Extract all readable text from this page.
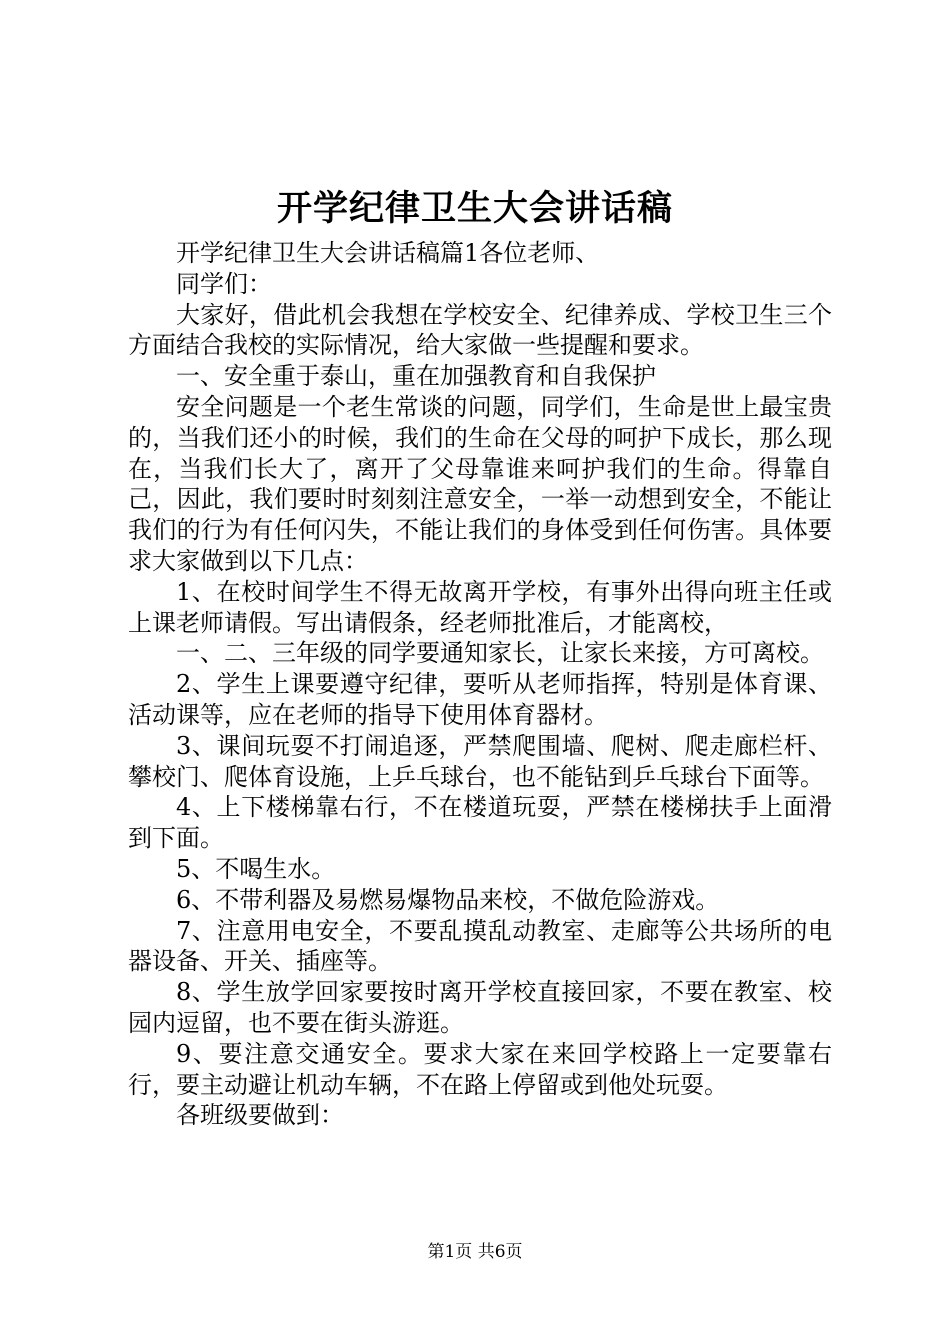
开学纪律卫生大会讲话稿

开学纪律卫生大会讲话稿篇1各位老师、

同学们：

大家好，借此机会我想在学校安全、纪律养成、学校卫生三个方面结合我校的实际情况，给大家做一些提醒和要求。

一、安全重于泰山，重在加强教育和自我保护

安全问题是一个老生常谈的问题，同学们，生命是世上最宝贵的，当我们还小的时候，我们的生命在父母的呵护下成长，那么现在，当我们长大了，离开了父母靠谁来呵护我们的生命。得靠自己，因此，我们要时时刻刻注意安全，一举一动想到安全，不能让我们的行为有任何闪失，不能让我们的身体受到任何伤害。具体要求大家做到以下几点：

1、在校时间学生不得无故离开学校，有事外出得向班主任或上课老师请假。写出请假条，经老师批准后，才能离校，

一、二、三年级的同学要通知家长，让家长来接，方可离校。

2、学生上课要遵守纪律，要听从老师指挥，特别是体育课、活动课等，应在老师的指导下使用体育器材。

3、课间玩耍不打闹追逐，严禁爬围墙、爬树、爬走廊栏杆、攀校门、爬体育设施，上乒乓球台，也不能钻到乒乓球台下面等。

4、上下楼梯靠右行，不在楼道玩耍，严禁在楼梯扶手上面滑到下面。

5、不喝生水。

6、不带利器及易燃易爆物品来校，不做危险游戏。

7、注意用电安全，不要乱摸乱动教室、走廊等公共场所的电器设备、开关、插座等。

8、学生放学回家要按时离开学校直接回家，不要在教室、校园内逗留，也不要在街头游逛。

9、要注意交通安全。要求大家在来回学校路上一定要靠右行，要主动避让机动车辆，不在路上停留或到他处玩耍。

各班级要做到：

第1页 共6页
